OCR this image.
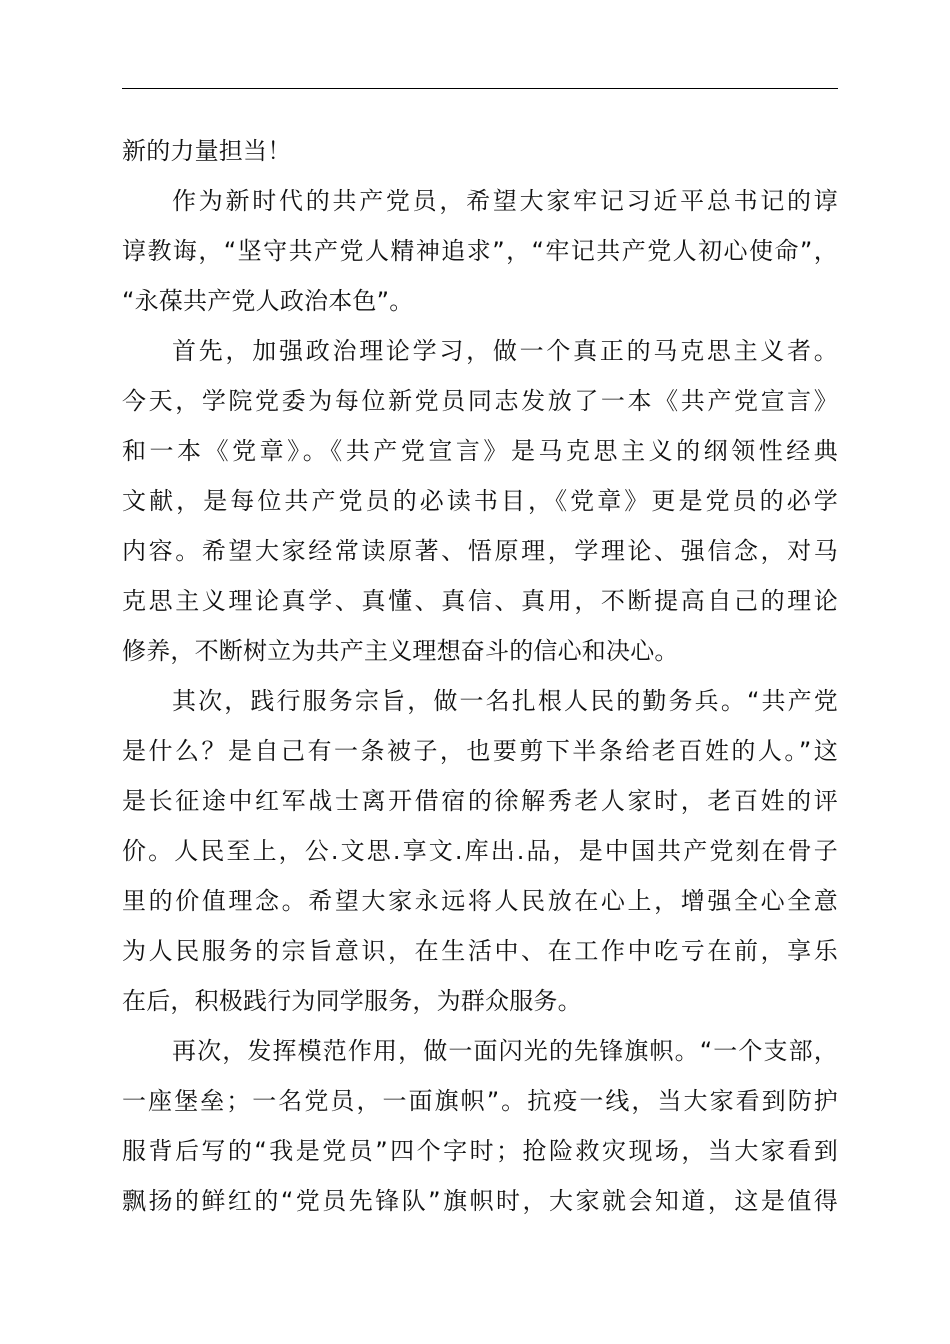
新的力量担当！
作为新时代的共产党员，希望大家牢记习近平总书记的谆
谆教诲，“坚守共产党人精神追求”，“牢记共产党人初心使命”，
“永葆共产党人政治本色”。
首先，加强政治理论学习，做一个真正的马克思主义者。
今天，学院党委为每位新党员同志发放了一本《共产党宣言》
和一本《党章》。《共产党宣言》是马克思主义的纲领性经典
文献，是每位共产党员的必读书目，《党章》更是党员的必学
内容。希望大家经常读原著、悟原理，学理论、强信念，对马
克思主义理论真学、真懂、真信、真用，不断提高自己的理论
修养，不断树立为共产主义理想奋斗的信心和决心。
其次，践行服务宗旨，做一名扎根人民的勤务兵。“共产党
是什么？是自己有一条被子，也要剪下半条给老百姓的人。”这
是长征途中红军战士离开借宿的徐解秀老人家时，老百姓的评
价。人民至上，公.文思.享文.库出.品，是中国共产党刻在骨子
里的价值理念。希望大家永远将人民放在心上，增强全心全意
为人民服务的宗旨意识，在生活中、在工作中吃亏在前，享乐
在后，积极践行为同学服务，为群众服务。
再次，发挥模范作用，做一面闪光的先锋旗帜。“一个支部，
一座堡垒；一名党员，一面旗帜”。抗疫一线，当大家看到防护
服背后写的“我是党员”四个字时；抢险救灾现场，当大家看到
飘扬的鲜红的“党员先锋队”旗帜时，大家就会知道，这是值得
